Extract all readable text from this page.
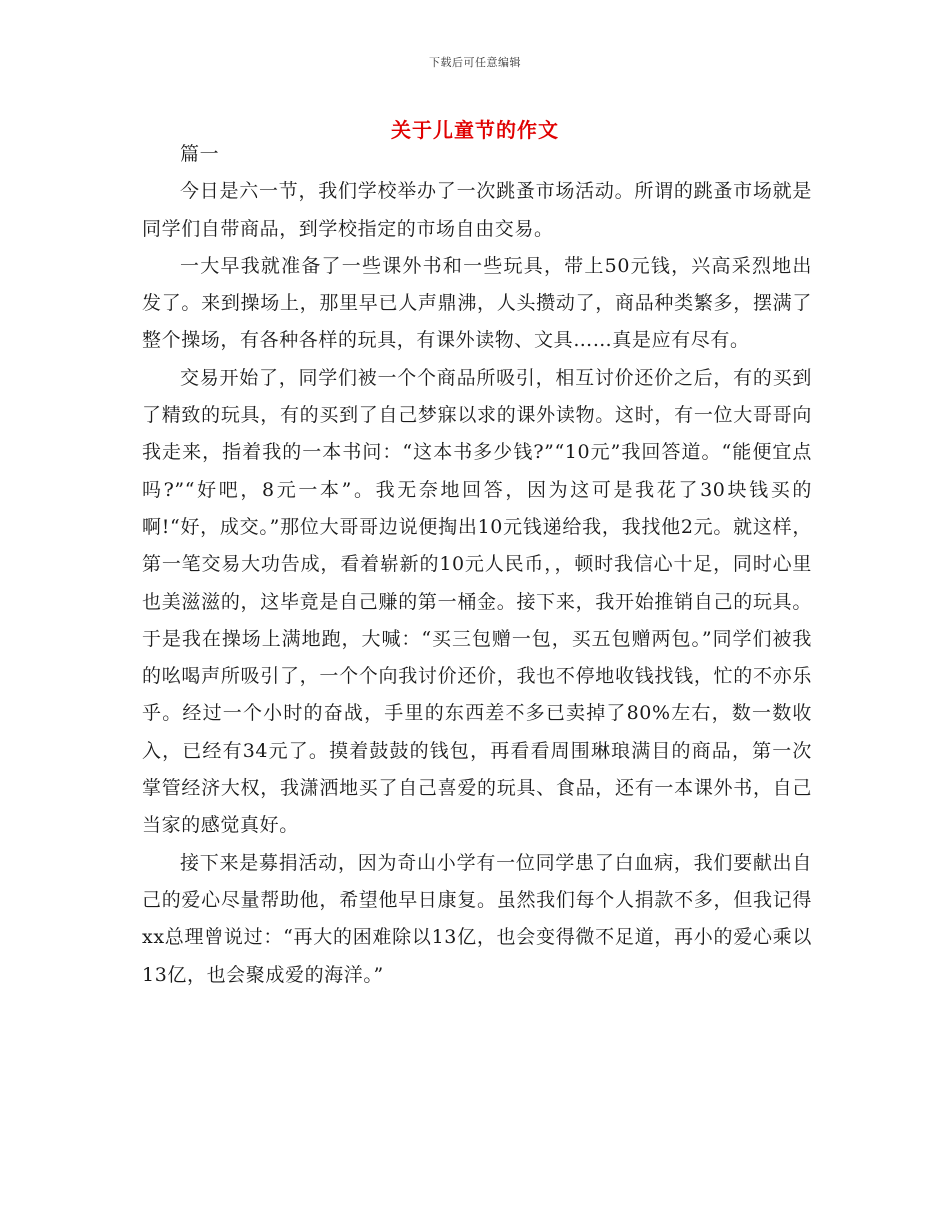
下载后可任意编辑
关于儿童节的作文

篇一

今日是六一节，我们学校举办了一次跳蚤市场活动。所谓的跳蚤市场就是同学们自带商品，到学校指定的市场自由交易。

一大早我就准备了一些课外书和一些玩具，带上50元钱，兴高采烈地出发了。来到操场上，那里早已人声鼎沸，人头攒动了，商品种类繁多，摆满了整个操场，有各种各样的玩具，有课外读物、文具……真是应有尽有。

交易开始了，同学们被一个个商品所吸引，相互讨价还价之后，有的买到了精致的玩具，有的买到了自己梦寐以求的课外读物。这时，有一位大哥哥向我走来，指着我的一本书问：“这本书多少钱?”“10元”我回答道。“能便宜点吗?”“好吧，8元一本”。我无奈地回答，因为这可是我花了30块钱买的啊!“好，成交。”那位大哥哥边说便掏出10元钱递给我，我找他2元。就这样，第一笔交易大功告成，看着崭新的10元人民币，，顿时我信心十足，同时心里也美滋滋的，这毕竟是自己赚的第一桶金。接下来，我开始推销自己的玩具。于是我在操场上满地跑，大喊：“买三包赠一包，买五包赠两包。”同学们被我的吆喝声所吸引了，一个个向我讨价还价，我也不停地收钱找钱，忙的不亦乐乎。经过一个小时的奋战，手里的东西差不多已卖掉了80%左右，数一数收入，已经有34元了。摸着鼓鼓的钱包，再看看周围琳琅满目的商品，第一次掌管经济大权，我潇洒地买了自己喜爱的玩具、食品，还有一本课外书，自己当家的感觉真好。

接下来是募捐活动，因为奇山小学有一位同学患了白血病，我们要献出自己的爱心尽量帮助他，希望他早日康复。虽然我们每个人捐款不多，但我记得xx总理曾说过：“再大的困难除以13亿，也会变得微不足道，再小的爱心乘以13亿，也会聚成爱的海洋。”
